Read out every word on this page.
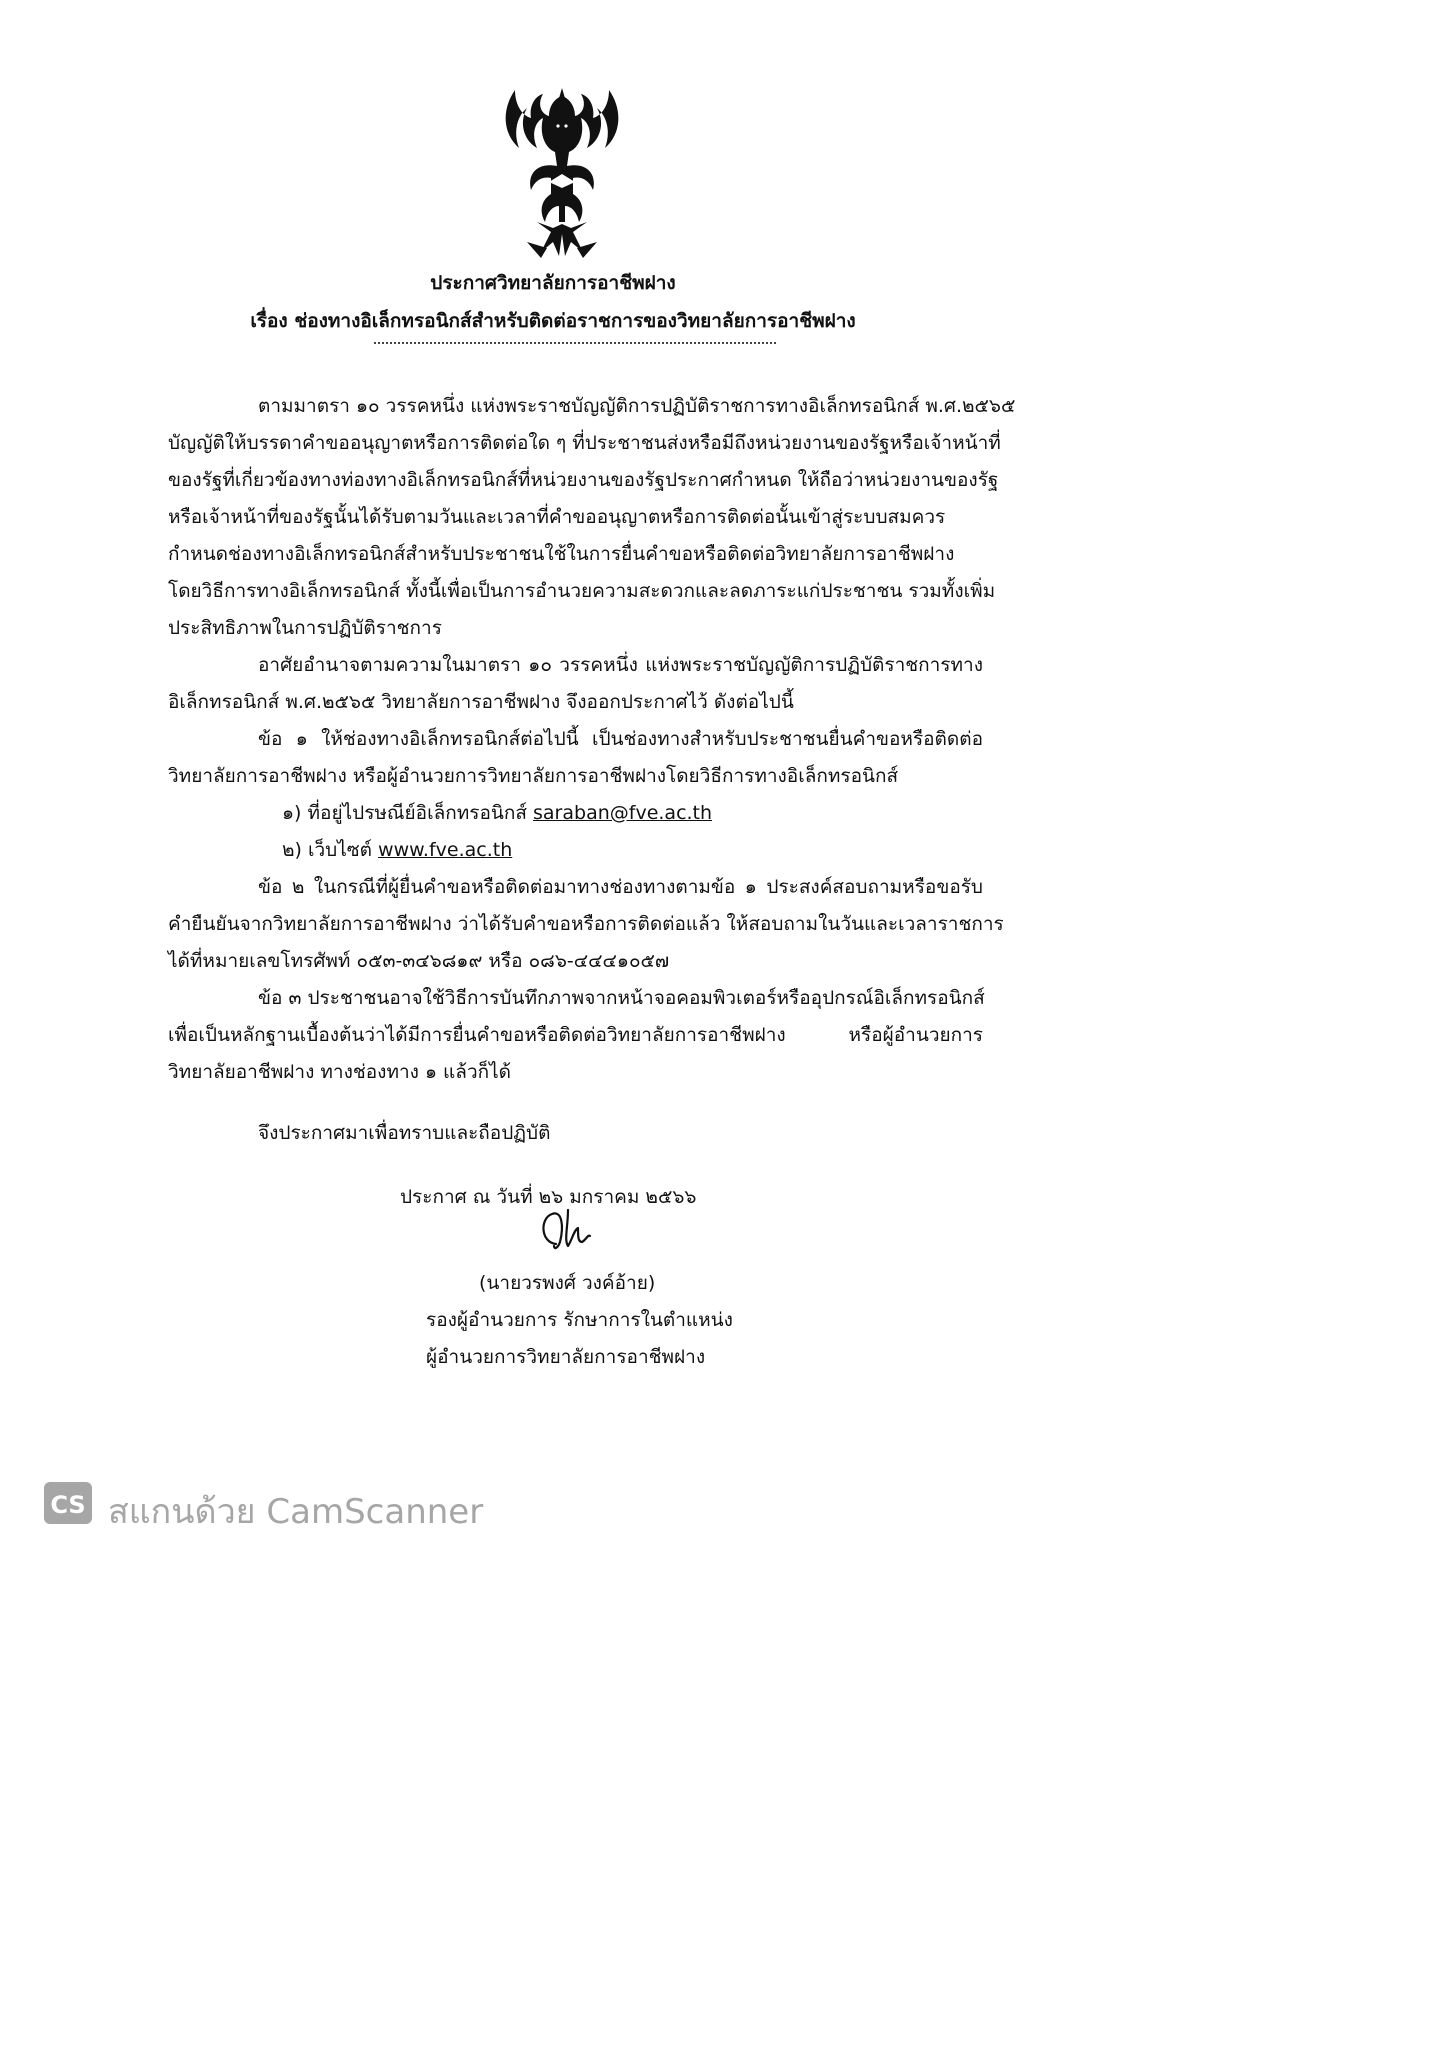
ประกาศวิทยาลัยการอาชีพฝาง
เรื่อง ช่องทางอิเล็กทรอนิกส์สำหรับติดต่อราชการของวิทยาลัยการอาชีพฝาง
ตามมาตรา ๑๐ วรรคหนึ่ง แห่งพระราชบัญญัติการปฏิบัติราชการทางอิเล็กทรอนิกส์ พ.ศ.๒๕๖๕
บัญญัติให้บรรดาคำขออนุญาตหรือการติดต่อใด ๆ ที่ประชาชนส่งหรือมีถึงหน่วยงานของรัฐหรือเจ้าหน้าที่
ของรัฐที่เกี่ยวข้องทางท่องทางอิเล็กทรอนิกส์ที่หน่วยงานของรัฐประกาศกำหนด ให้ถือว่าหน่วยงานของรัฐ
หรือเจ้าหน้าที่ของรัฐนั้นได้รับตามวันและเวลาที่คำขออนุญาตหรือการติดต่อนั้นเข้าสู่ระบบสมควร
กำหนดช่องทางอิเล็กทรอนิกส์สำหรับประชาชนใช้ในการยื่นคำขอหรือติดต่อวิทยาลัยการอาชีพฝาง
โดยวิธีการทางอิเล็กทรอนิกส์ ทั้งนี้เพื่อเป็นการอำนวยความสะดวกและลดภาระแก่ประชาชน รวมทั้งเพิ่ม
ประสิทธิภาพในการปฏิบัติราชการ
อาศัยอำนาจตามความในมาตรา ๑๐ วรรคหนึ่ง แห่งพระราชบัญญัติการปฏิบัติราชการทาง
อิเล็กทรอนิกส์ พ.ศ.๒๕๖๕ วิทยาลัยการอาชีพฝาง จึงออกประกาศไว้ ดังต่อไปนี้
ข้อ ๑ ให้ช่องทางอิเล็กทรอนิกส์ต่อไปนี้ เป็นช่องทางสำหรับประชาชนยื่นคำขอหรือติดต่อ
วิทยาลัยการอาชีพฝาง หรือผู้อำนวยการวิทยาลัยการอาชีพฝางโดยวิธีการทางอิเล็กทรอนิกส์
๑) ที่อยู่ไปรษณีย์อิเล็กทรอนิกส์ saraban@fve.ac.th
๒) เว็บไซต์ www.fve.ac.th
ข้อ ๒ ในกรณีที่ผู้ยื่นคำขอหรือติดต่อมาทางช่องทางตามข้อ ๑ ประสงค์สอบถามหรือขอรับ
คำยืนยันจากวิทยาลัยการอาชีพฝาง ว่าได้รับคำขอหรือการติดต่อแล้ว ให้สอบถามในวันและเวลาราชการ
ได้ที่หมายเลขโทรศัพท์ ๐๕๓-๓๔๖๘๑๙ หรือ ๐๘๖-๔๔๔๑๐๕๗
ข้อ ๓ ประชาชนอาจใช้วิธีการบันทึกภาพจากหน้าจอคอมพิวเตอร์หรืออุปกรณ์อิเล็กทรอนิกส์
เพื่อเป็นหลักฐานเบื้องต้นว่าได้มีการยื่นคำขอหรือติดต่อวิทยาลัยการอาชีพฝาง หรือผู้อำนวยการ
วิทยาลัยอาชีพฝาง ทางช่องทาง ๑ แล้วก็ได้
จึงประกาศมาเพื่อทราบและถือปฏิบัติ
ประกาศ ณ วันที่ ๒๖ มกราคม ๒๕๖๖
(นายวรพงศ์ วงค์อ้าย)
รองผู้อำนวยการ รักษาการในตำแหน่ง
ผู้อำนวยการวิทยาลัยการอาชีพฝาง
CS สแกนด้วย CamScanner
